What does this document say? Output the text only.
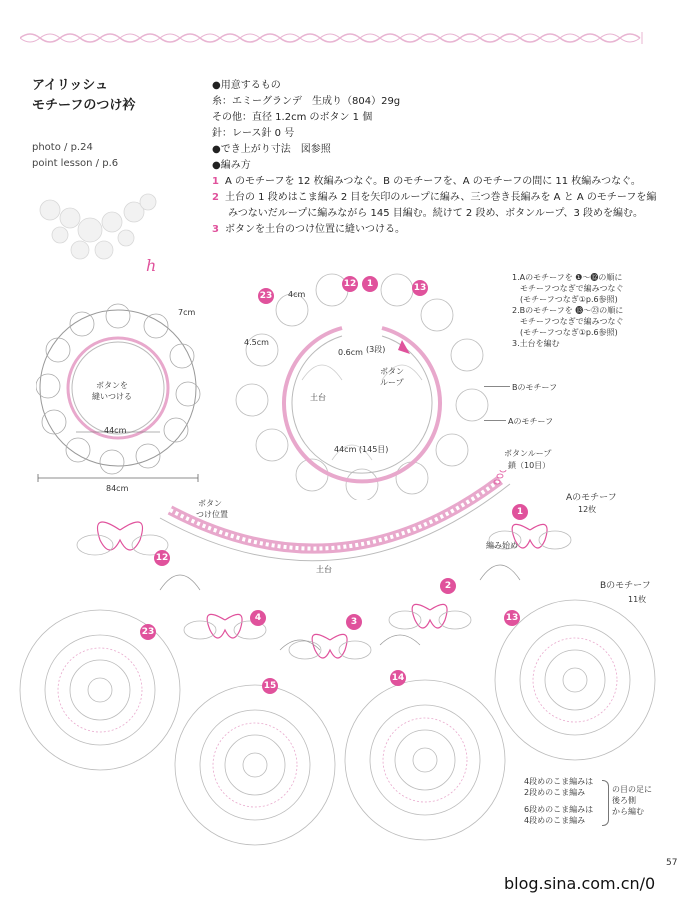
アイリッシュ
モチーフのつけ衿
photo / p.24
point lesson / p.6
h
●用意するもの
糸：エミーグランデ　生成り（804）29g
その他：直径 1.2cm のボタン 1 個
針：レース針 0 号
●でき上がり寸法　図参照
●編み方
1 A のモチーフを 12 枚編みつなぐ。B のモチーフを、A のモチーフの間に 11 枚編みつなぐ。
2 土台の 1 段めはこま編み 2 目を矢印のループに編み、三つ巻き長編みを A と A のモチーフを編
みつないだループに編みながら 145 目編む。続けて 2 段め、ボタンループ、3 段めを編む。
3 ボタンを土台のつけ位置に縫いつける。
7cm
ボタンを
縫いつける
44cm
84cm
23
12	1	13
4cm
4.5cm
0.6cm (3段)
ボタン ループ
土台
44cm (145目)
Bのモチーフ
Aのモチーフ
1.Aのモチーフを ❶～⓬の順に
モチーフつなぎで編みつなぐ
(モチーフつなぎ①p.6参照)
2.Bのモチーフを ⓭～㉓の順に
モチーフつなぎで編みつなぐ
(モチーフつなぎ①p.6参照)
3.土台を編む
ボタンループ
鎖（10目）
Aのモチーフ
12枚
Bのモチーフ
11枚
編み始め
ボタン
つけ位置
土台
1
12
2
3
4	13
14
15
23
4段めのこま編みは
2段めのこま編み
6段めのこま編みは
4段めのこま編み
の目の足に
後ろ側
から編む
57
blog.sina.com.cn/0
